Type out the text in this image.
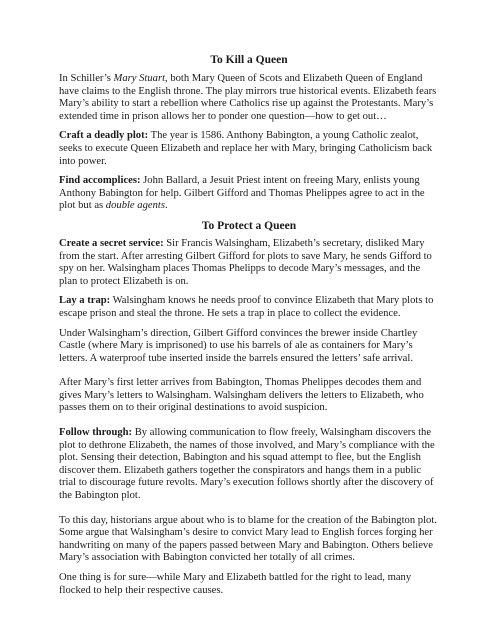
To Kill a Queen

In Schiller’s Mary Stuart, both Mary Queen of Scots and Elizabeth Queen of England have claims to the English throne. The play mirrors true historical events. Elizabeth fears Mary’s ability to start a rebellion where Catholics rise up against the Protestants. Mary’s extended time in prison allows her to ponder one question—how to get out…

Craft a deadly plot: The year is 1586. Anthony Babington, a young Catholic zealot, seeks to execute Queen Elizabeth and replace her with Mary, bringing Catholicism back into power.

Find accomplices: John Ballard, a Jesuit Priest intent on freeing Mary, enlists young Anthony Babington for help. Gilbert Gifford and Thomas Phelippes agree to act in the plot but as double agents.

To Protect a Queen

Create a secret service: Sir Francis Walsingham, Elizabeth’s secretary, disliked Mary from the start. After arresting Gilbert Gifford for plots to save Mary, he sends Gifford to spy on her. Walsingham places Thomas Phelipps to decode Mary’s messages, and the plan to protect Elizabeth is on.

Lay a trap: Walsingham knows he needs proof to convince Elizabeth that Mary plots to escape prison and steal the throne. He sets a trap in place to collect the evidence.

Under Walsingham’s direction, Gilbert Gifford convinces the brewer inside Chartley Castle (where Mary is imprisoned) to use his barrels of ale as containers for Mary’s letters. A waterproof tube inserted inside the barrels ensured the letters’ safe arrival.

After Mary’s first letter arrives from Babington, Thomas Phelippes decodes them and gives Mary’s letters to Walsingham. Walsingham delivers the letters to Elizabeth, who passes them on to their original destinations to avoid suspicion.

Follow through: By allowing communication to flow freely, Walsingham discovers the plot to dethrone Elizabeth, the names of those involved, and Mary’s compliance with the plot. Sensing their detection, Babington and his squad attempt to flee, but the English discover them. Elizabeth gathers together the conspirators and hangs them in a public trial to discourage future revolts. Mary’s execution follows shortly after the discovery of the Babington plot.

To this day, historians argue about who is to blame for the creation of the Babington plot. Some argue that Walsingham’s desire to convict Mary lead to English forces forging her handwriting on many of the papers passed between Mary and Babington. Others believe Mary’s association with Babington convicted her totally of all crimes.

One thing is for sure—while Mary and Elizabeth battled for the right to lead, many flocked to help their respective causes.
